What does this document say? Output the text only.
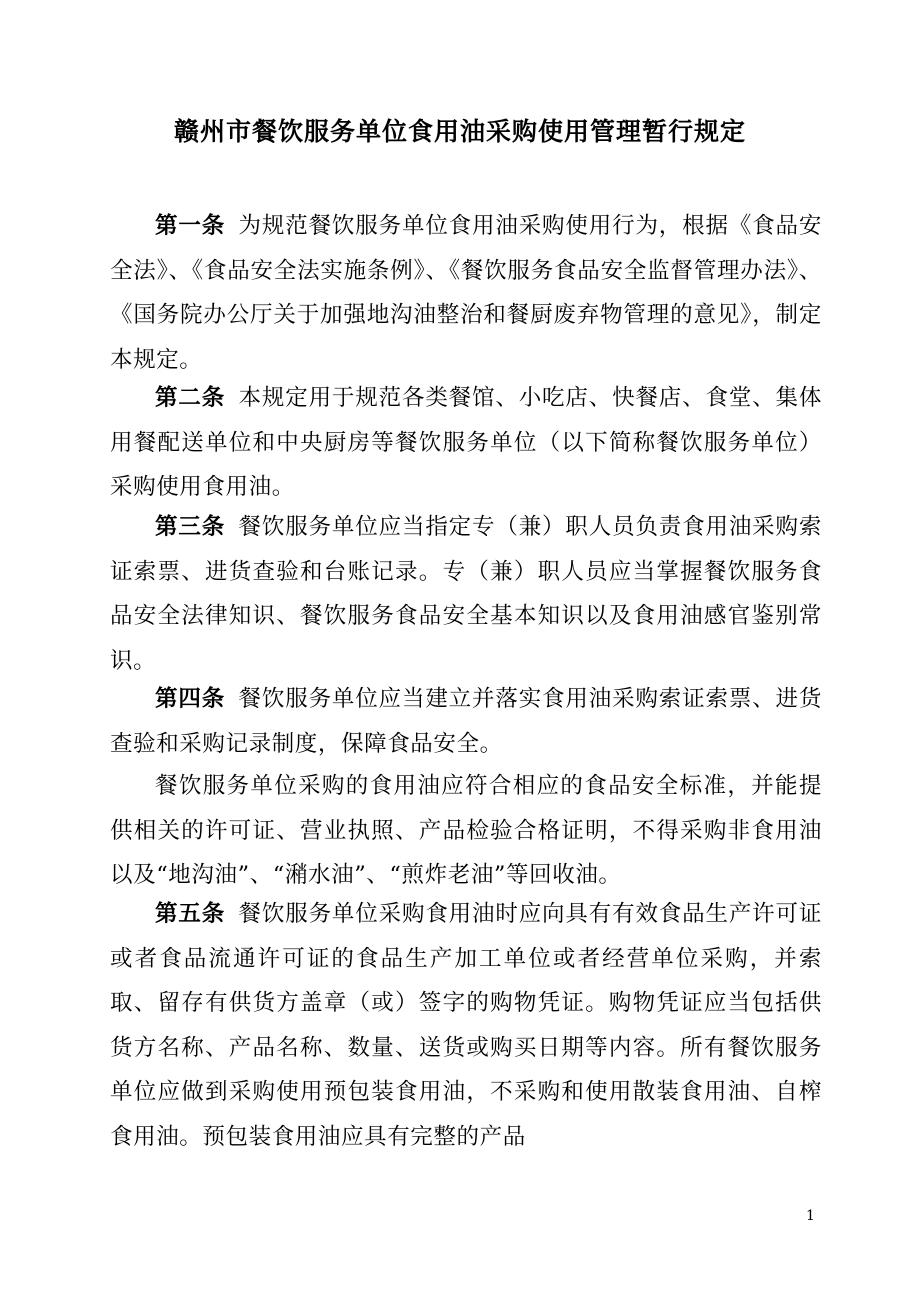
赣州市餐饮服务单位食用油采购使用管理暂行规定

第一条 为规范餐饮服务单位食用油采购使用行为，根据《食品安全法》、《食品安全法实施条例》、《餐饮服务食品安全监督管理办法》、《国务院办公厅关于加强地沟油整治和餐厨废弃物管理的意见》，制定本规定。

第二条 本规定用于规范各类餐馆、小吃店、快餐店、食堂、集体用餐配送单位和中央厨房等餐饮服务单位（以下简称餐饮服务单位）采购使用食用油。

第三条 餐饮服务单位应当指定专（兼）职人员负责食用油采购索证索票、进货查验和台账记录。专（兼）职人员应当掌握餐饮服务食品安全法律知识、餐饮服务食品安全基本知识以及食用油感官鉴别常识。

第四条 餐饮服务单位应当建立并落实食用油采购索证索票、进货查验和采购记录制度，保障食品安全。

餐饮服务单位采购的食用油应符合相应的食品安全标准，并能提供相关的许可证、营业执照、产品检验合格证明，不得采购非食用油以及“地沟油”、“潲水油”、“煎炸老油”等回收油。

第五条 餐饮服务单位采购食用油时应向具有有效食品生产许可证或者食品流通许可证的食品生产加工单位或者经营单位采购，并索取、留存有供货方盖章（或）签字的购物凭证。购物凭证应当包括供货方名称、产品名称、数量、送货或购买日期等内容。所有餐饮服务单位应做到采购使用预包装食用油，不采购和使用散装食用油、自榨食用油。预包装食用油应具有完整的产品

1
